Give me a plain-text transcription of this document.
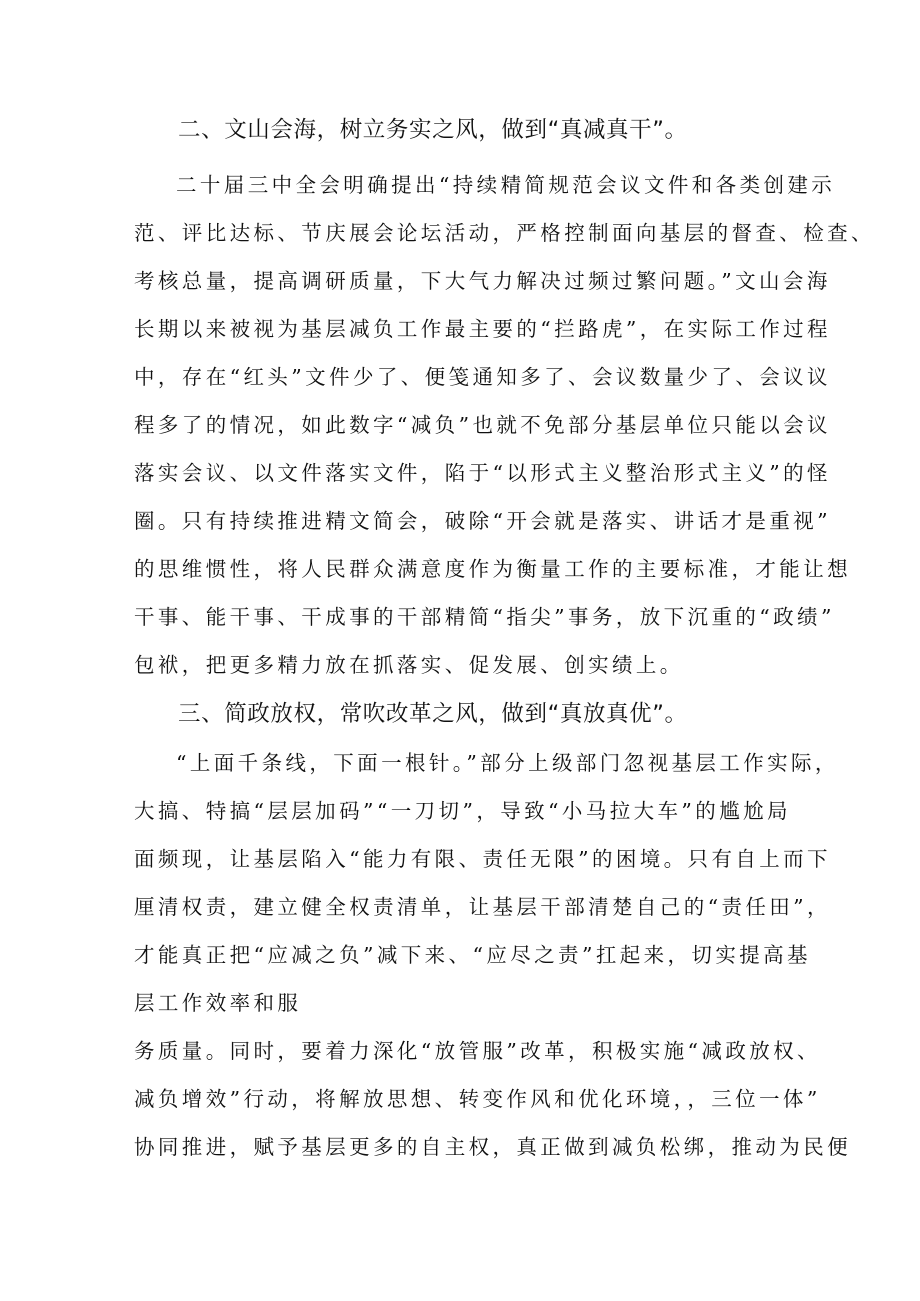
二、文山会海，树立务实之风，做到“真减真干”。
二十届三中全会明确提出“持续精简规范会议文件和各类创建示
范、评比达标、节庆展会论坛活动，严格控制面向基层的督查、检查、
考核总量，提高调研质量，下大气力解决过频过繁问题。”文山会海
长期以来被视为基层减负工作最主要的“拦路虎”，在实际工作过程
中，存在“红头”文件少了、便笺通知多了、会议数量少了、会议议
程多了的情况，如此数字“减负”也就不免部分基层单位只能以会议
落实会议、以文件落实文件，陷于“以形式主义整治形式主义”的怪
圈。只有持续推进精文简会，破除“开会就是落实、讲话才是重视”
的思维惯性，将人民群众满意度作为衡量工作的主要标准，才能让想
干事、能干事、干成事的干部精简“指尖”事务，放下沉重的“政绩”
包袱，把更多精力放在抓落实、促发展、创实绩上。
三、简政放权，常吹改革之风，做到“真放真优”。
“上面千条线，下面一根针。”部分上级部门忽视基层工作实际，
大搞、特搞“层层加码”“一刀切”，导致“小马拉大车”的尴尬局
面频现，让基层陷入“能力有限、责任无限”的困境。只有自上而下
厘清权责，建立健全权责清单，让基层干部清楚自己的“责任田”，
才能真正把“应减之负”减下来、“应尽之责”扛起来，切实提高基
层工作效率和服
务质量。同时，要着力深化“放管服”改革，积极实施“减政放权、
减负增效”行动，将解放思想、转变作风和优化环境，，三位一体”
协同推进，赋予基层更多的自主权，真正做到减负松绑，推动为民便
